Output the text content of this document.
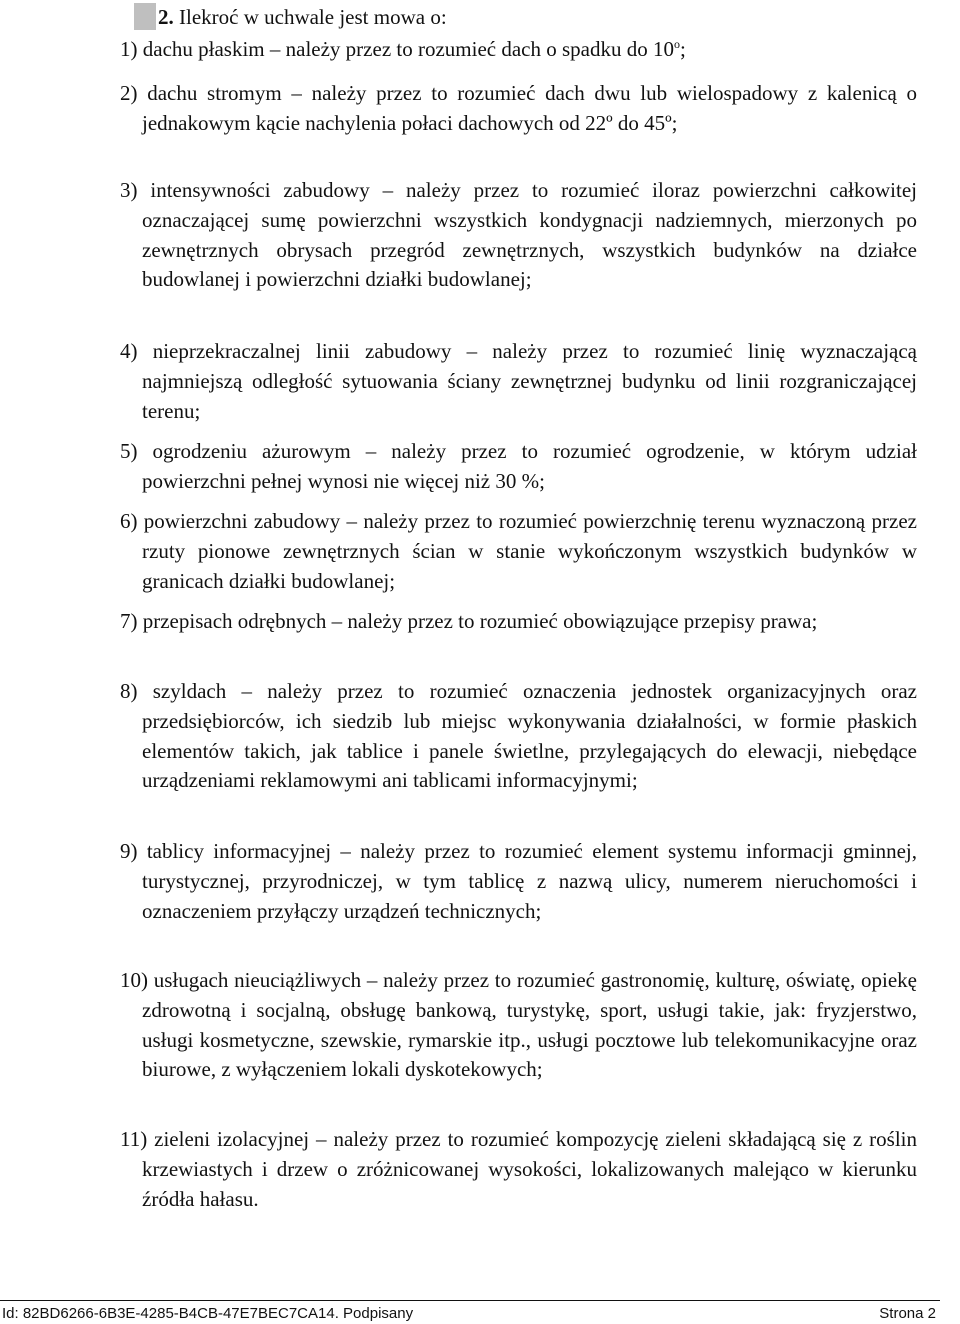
2. Ilekroć w uchwale jest mowa o:
1) dachu płaskim – należy przez to rozumieć dach o spadku do 10$^o$;
2) dachu stromym – należy przez to rozumieć dach dwu lub wielospadowy z kalenicą o jednakowym kącie nachylenia połaci dachowych od 22º do 45º;
3) intensywności zabudowy – należy przez to rozumieć iloraz powierzchni całkowitej oznaczającej sumę powierzchni wszystkich kondygnacji nadziemnych, mierzonych po zewnętrznych obrysach przegród zewnętrznych, wszystkich budynków na działce budowlanej i powierzchni działki budowlanej;
4) nieprzekraczalnej linii zabudowy – należy przez to rozumieć linię wyznaczającą najmniejszą odległość sytuowania ściany zewnętrznej budynku od linii rozgraniczającej terenu;
5) ogrodzeniu ażurowym – należy przez to rozumieć ogrodzenie, w którym udział powierzchni pełnej wynosi nie więcej niż 30 %;
6) powierzchni zabudowy – należy przez to rozumieć powierzchnię terenu wyznaczoną przez rzuty pionowe zewnętrznych ścian w stanie wykończonym wszystkich budynków w granicach działki budowlanej;
7) przepisach odrębnych – należy przez to rozumieć obowiązujące przepisy prawa;
8) szyldach – należy przez to rozumieć oznaczenia jednostek organizacyjnych oraz przedsiębiorców, ich siedzib lub miejsc wykonywania działalności, w formie płaskich elementów takich, jak tablice i panele świetlne, przylegających do elewacji, niebędące urządzeniami reklamowymi ani tablicami informacyjnymi;
9) tablicy informacyjnej – należy przez to rozumieć element systemu informacji gminnej, turystycznej, przyrodniczej, w tym tablicę z nazwą ulicy, numerem nieruchomości i oznaczeniem przyłączy urządzeń technicznych;
10) usługach nieuciążliwych – należy przez to rozumieć gastronomię, kulturę, oświatę, opiekę zdrowotną i socjalną, obsługę bankową, turystykę, sport, usługi takie, jak: fryzjerstwo, usługi kosmetyczne, szewskie, rymarskie itp., usługi pocztowe lub telekomunikacyjne oraz biurowe, z wyłączeniem lokali dyskotekowych;
11) zieleni izolacyjnej – należy przez to rozumieć kompozycję zieleni składającą się z roślin krzewiastych i drzew o zróżnicowanej wysokości, lokalizowanych malejąco w kierunku źródła hałasu.
Id: 82BD6266-6B3E-4285-B4CB-47E7BEC7CA14. Podpisany	Strona 2
